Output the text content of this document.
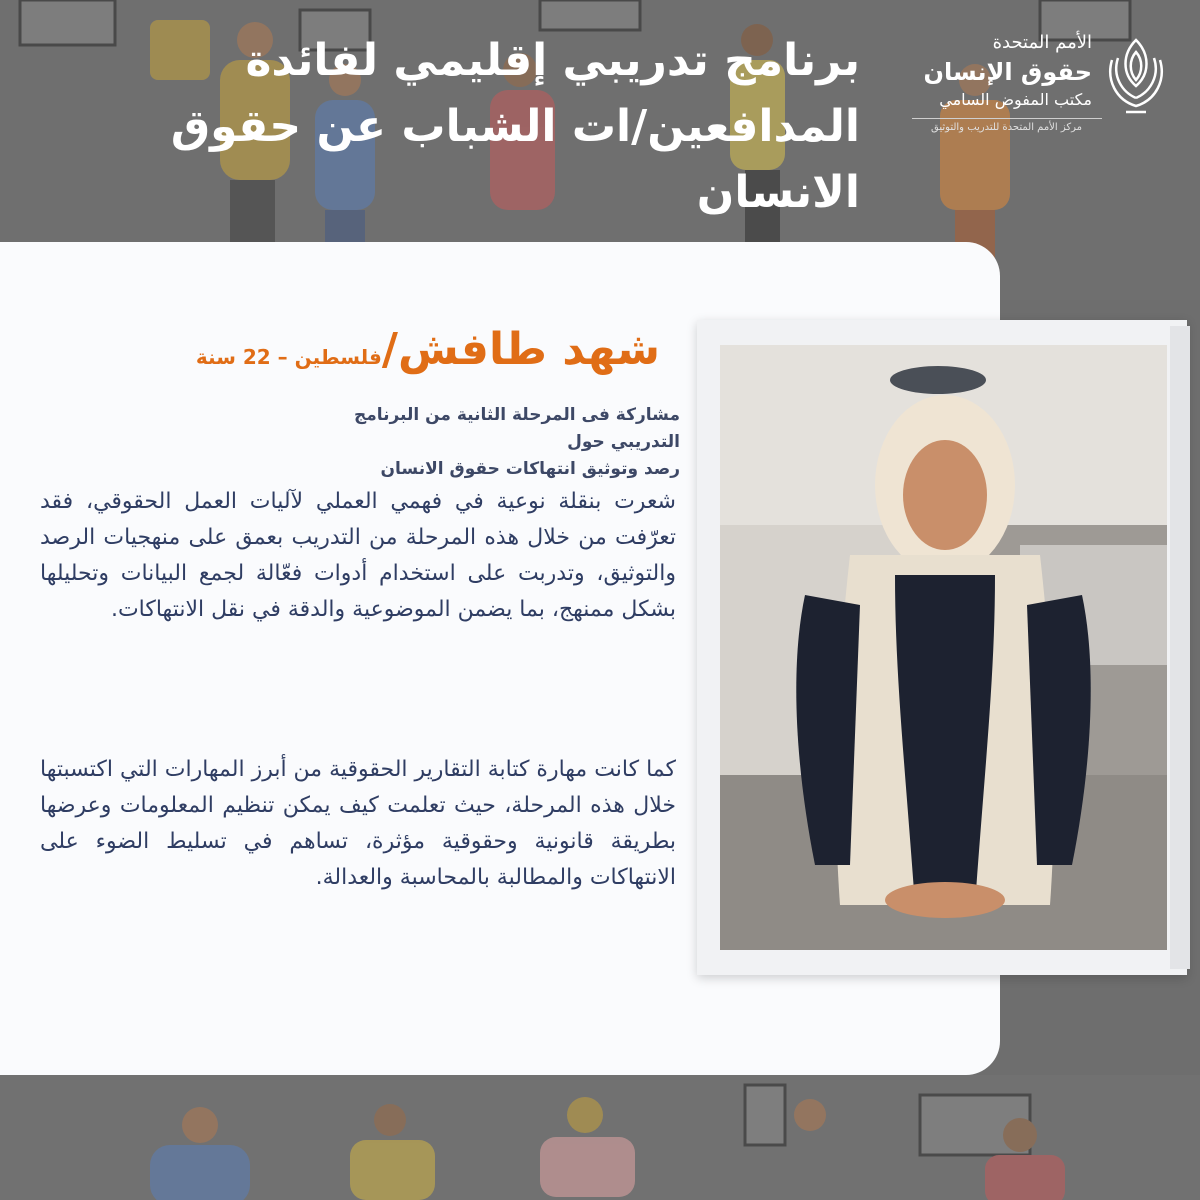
برنامج تدريبي إقليمي لفائدة
المدافعين/ات الشباب عن حقوق
الانسان
الأمم المتحدة
حقوق الإنسان
مكتب المفوض السامي
مركز الأمم المتحدة للتدريب والتوثيق
شهد طافش/فلسطين – 22 سنة

مشاركة فى المرحلة الثانية من البرنامج التدريبي حول
رصد وتوثيق انتهاكات حقوق الانسان

شعرت بنقلة نوعية في فهمي العملي لآليات العمل الحقوقي، فقد تعرّفت من خلال هذه المرحلة من التدريب بعمق على منهجيات الرصد والتوثيق، وتدربت على استخدام أدوات فعّالة لجمع البيانات وتحليلها بشكل ممنهج، بما يضمن الموضوعية والدقة في نقل الانتهاكات.

كما كانت مهارة كتابة التقارير الحقوقية من أبرز المهارات التي اكتسبتها خلال هذه المرحلة، حيث تعلمت كيف يمكن تنظيم المعلومات وعرضها بطريقة قانونية وحقوقية مؤثرة، تساهم في تسليط الضوء على الانتهاكات والمطالبة بالمحاسبة والعدالة.
